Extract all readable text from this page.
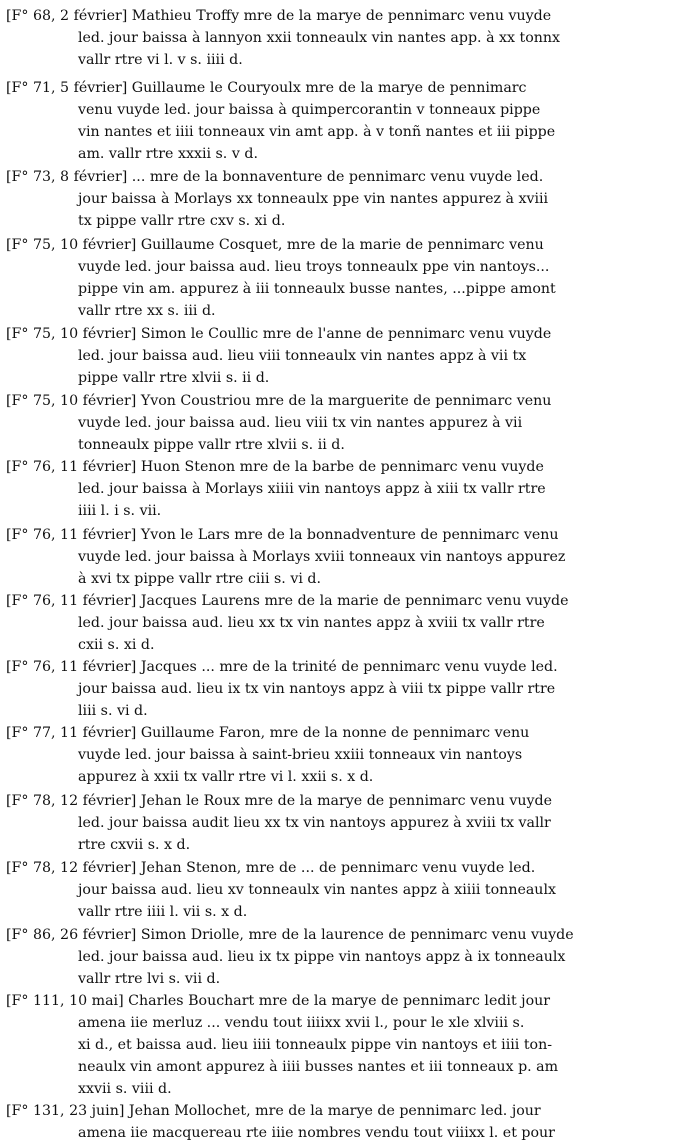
[F° 68, 2 février] Mathieu Troffy mre de la marye de pennimarc venu vuyde
led. jour baissa à lannyon xxii tonneaulx vin nantes app. à xx tonnx
vallr rtre vi l. v s. iiii d.
[F° 71, 5 février] Guillaume le Couryoulx mre de la marye de pennimarc
venu vuyde led. jour baissa à quimpercorantin v tonneaux pippe
vin nantes et iiii tonneaux vin amt app. à v tonñ nantes et iii pippe
am. vallr rtre xxxii s. v d.
[F° 73, 8 février] ... mre de la bonnaventure de pennimarc venu vuyde led.
jour baissa à Morlays xx tonneaulx ppe vin nantes appurez à xviii
tx pippe vallr rtre cxv s. xi d.
[F° 75, 10 février] Guillaume Cosquet, mre de la marie de pennimarc venu
vuyde led. jour baissa aud. lieu troys tonneaulx ppe vin nantoys...
pippe vin am. appurez à iii tonneaulx busse nantes, ...pippe amont
vallr rtre xx s. iii d.
[F° 75, 10 février] Simon le Coullic mre de l'anne de pennimarc venu vuyde
led. jour baissa aud. lieu viii tonneaulx vin nantes appz à vii tx
pippe vallr rtre xlvii s. ii d.
[F° 75, 10 février] Yvon Coustriou mre de la marguerite de pennimarc venu
vuyde led. jour baissa aud. lieu viii tx vin nantes appurez à vii
tonneaulx pippe vallr rtre xlvii s. ii d.
[F° 76, 11 février] Huon Stenon mre de la barbe de pennimarc venu vuyde
led. jour baissa à Morlays xiiii vin nantoys appz à xiii tx vallr rtre
iiii l. i s. vii.
[F° 76, 11 février] Yvon le Lars mre de la bonnadventure de pennimarc venu
vuyde led. jour baissa à Morlays xviii tonneaux vin nantoys appurez
à xvi tx pippe vallr rtre ciii s. vi d.
[F° 76, 11 février] Jacques Laurens mre de la marie de pennimarc venu vuyde
led. jour baissa aud. lieu xx tx vin nantes appz à xviii tx vallr rtre
cxii s. xi d.
[F° 76, 11 février] Jacques ... mre de la trinité de pennimarc venu vuyde led.
jour baissa aud. lieu ix tx vin nantoys appz à viii tx pippe vallr rtre
liii s. vi d.
[F° 77, 11 février] Guillaume Faron, mre de la nonne de pennimarc venu
vuyde led. jour baissa à saint-brieu xxiii tonneaux vin nantoys
appurez à xxii tx vallr rtre vi l. xxii s. x d.
[F° 78, 12 février] Jehan le Roux mre de la marye de pennimarc venu vuyde
led. jour baissa audit lieu xx tx vin nantoys appurez à xviii tx vallr
rtre cxvii s. x d.
[F° 78, 12 février] Jehan Stenon, mre de ... de pennimarc venu vuyde led.
jour baissa aud. lieu xv tonneaulx vin nantes appz à xiiii tonneaulx
vallr rtre iiii l. vii s. x d.
[F° 86, 26 février] Simon Driolle, mre de la laurence de pennimarc venu vuyde
led. jour baissa aud. lieu ix tx pippe vin nantoys appz à ix tonneaulx
vallr rtre lvi s. vii d.
[F° 111, 10 mai] Charles Bouchart mre de la marye de pennimarc ledit jour
amena iie merluz ... vendu tout iiiixx xvii l., pour le xle xlviii s.
xi d., et baissa aud. lieu iiii tonneaulx pippe vin nantoys et iiii ton-
neaulx vin amont appurez à iiii busses nantes et iii tonneaux p. am
xxvii s. viii d.
[F° 131, 23 juin] Jehan Mollochet, mre de la marye de pennimarc led. jour
amena iie macquereau rte iiie nombres vendu tout viiixx l. et pour
